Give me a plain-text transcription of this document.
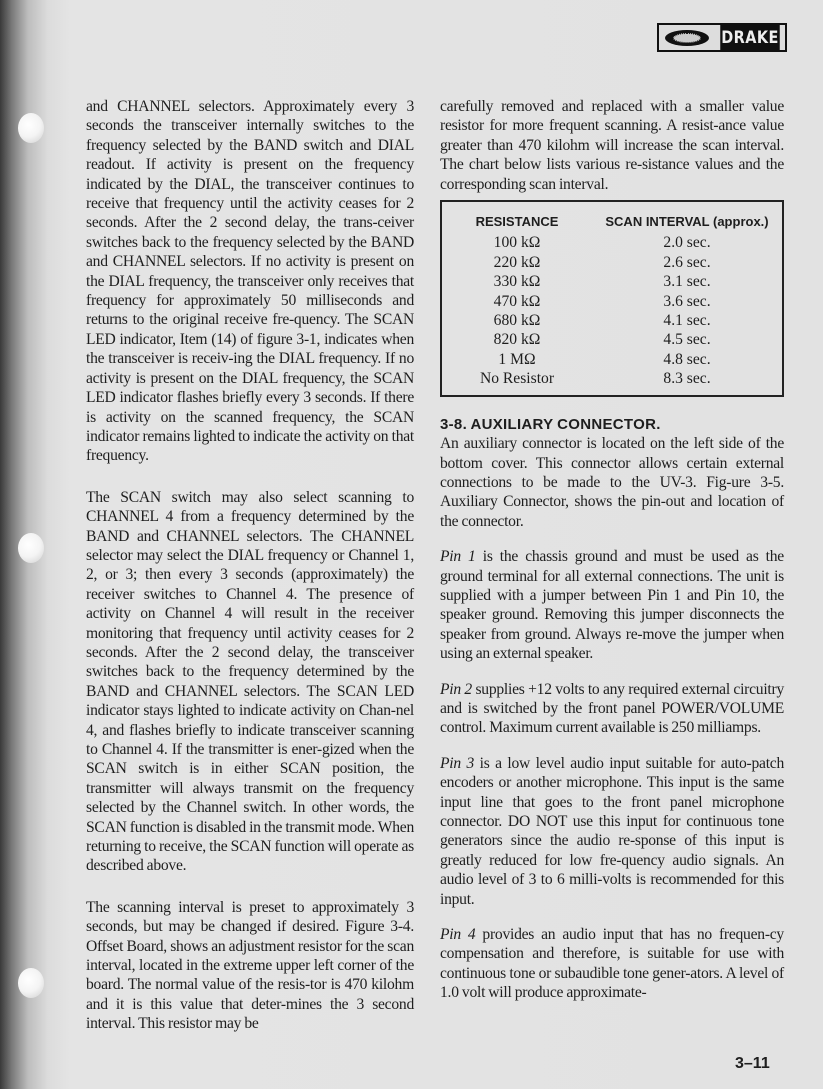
DRAKE

and CHANNEL selectors. Approximately every 3 seconds the transceiver internally switches to the frequency selected by the BAND switch and DIAL readout. If activity is present on the frequency indicated by the DIAL, the transceiver continues to receive that frequency until the activity ceases for 2 seconds. After the 2 second delay, the trans-ceiver switches back to the frequency selected by the BAND and CHANNEL selectors. If no activity is present on the DIAL frequency, the transceiver only receives that frequency for approximately 50 milliseconds and returns to the original receive fre-quency. The SCAN LED indicator, Item (14) of figure 3-1, indicates when the transceiver is receiv-ing the DIAL frequency. If no activity is present on the DIAL frequency, the SCAN LED indicator flashes briefly every 3 seconds. If there is activity on the scanned frequency, the SCAN indicator remains lighted to indicate the activity on that frequency.

The SCAN switch may also select scanning to CHANNEL 4 from a frequency determined by the BAND and CHANNEL selectors. The CHANNEL selector may select the DIAL frequency or Channel 1, 2, or 3; then every 3 seconds (approximately) the receiver switches to Channel 4. The presence of activity on Channel 4 will result in the receiver monitoring that frequency until activity ceases for 2 seconds. After the 2 second delay, the transceiver switches back to the frequency determined by the BAND and CHANNEL selectors. The SCAN LED indicator stays lighted to indicate activity on Chan-nel 4, and flashes briefly to indicate transceiver scanning to Channel 4. If the transmitter is ener-gized when the SCAN switch is in either SCAN position, the transmitter will always transmit on the frequency selected by the Channel switch. In other words, the SCAN function is disabled in the transmit mode. When returning to receive, the SCAN function will operate as described above.

The scanning interval is preset to approximately 3 seconds, but may be changed if desired. Figure 3-4. Offset Board, shows an adjustment resistor for the scan interval, located in the extreme upper left corner of the board. The normal value of the resis-tor is 470 kilohm and it is this value that deter-mines the 3 second interval. This resistor may be

carefully removed and replaced with a smaller value resistor for more frequent scanning. A resist-ance value greater than 470 kilohm will increase the scan interval. The chart below lists various re-sistance values and the corresponding scan interval.

RESISTANCE	SCAN INTERVAL (approx.)
100 kΩ	2.0 sec.
220 kΩ	2.6 sec.
330 kΩ	3.1 sec.
470 kΩ	3.6 sec.
680 kΩ	4.1 sec.
820 kΩ	4.5 sec.
1 MΩ	4.8 sec.
No Resistor	8.3 sec.
3-8. AUXILIARY CONNECTOR.

An auxiliary connector is located on the left side of the bottom cover. This connector allows certain external connections to be made to the UV-3. Fig-ure 3-5. Auxiliary Connector, shows the pin-out and location of the connector.

Pin 1 is the chassis ground and must be used as the ground terminal for all external connections. The unit is supplied with a jumper between Pin 1 and Pin 10, the speaker ground. Removing this jumper disconnects the speaker from ground. Always re-move the jumper when using an external speaker.

Pin 2 supplies +12 volts to any required external circuitry and is switched by the front panel POWER/VOLUME control. Maximum current available is 250 milliamps.

Pin 3 is a low level audio input suitable for auto-patch encoders or another microphone. This input is the same input line that goes to the front panel microphone connector. DO NOT use this input for continuous tone generators since the audio re-sponse of this input is greatly reduced for low fre-quency audio signals. An audio level of 3 to 6 milli-volts is recommended for this input.

Pin 4 provides an audio input that has no frequen-cy compensation and therefore, is suitable for use with continuous tone or subaudible tone gener-ators. A level of 1.0 volt will produce approximate-

3–11
